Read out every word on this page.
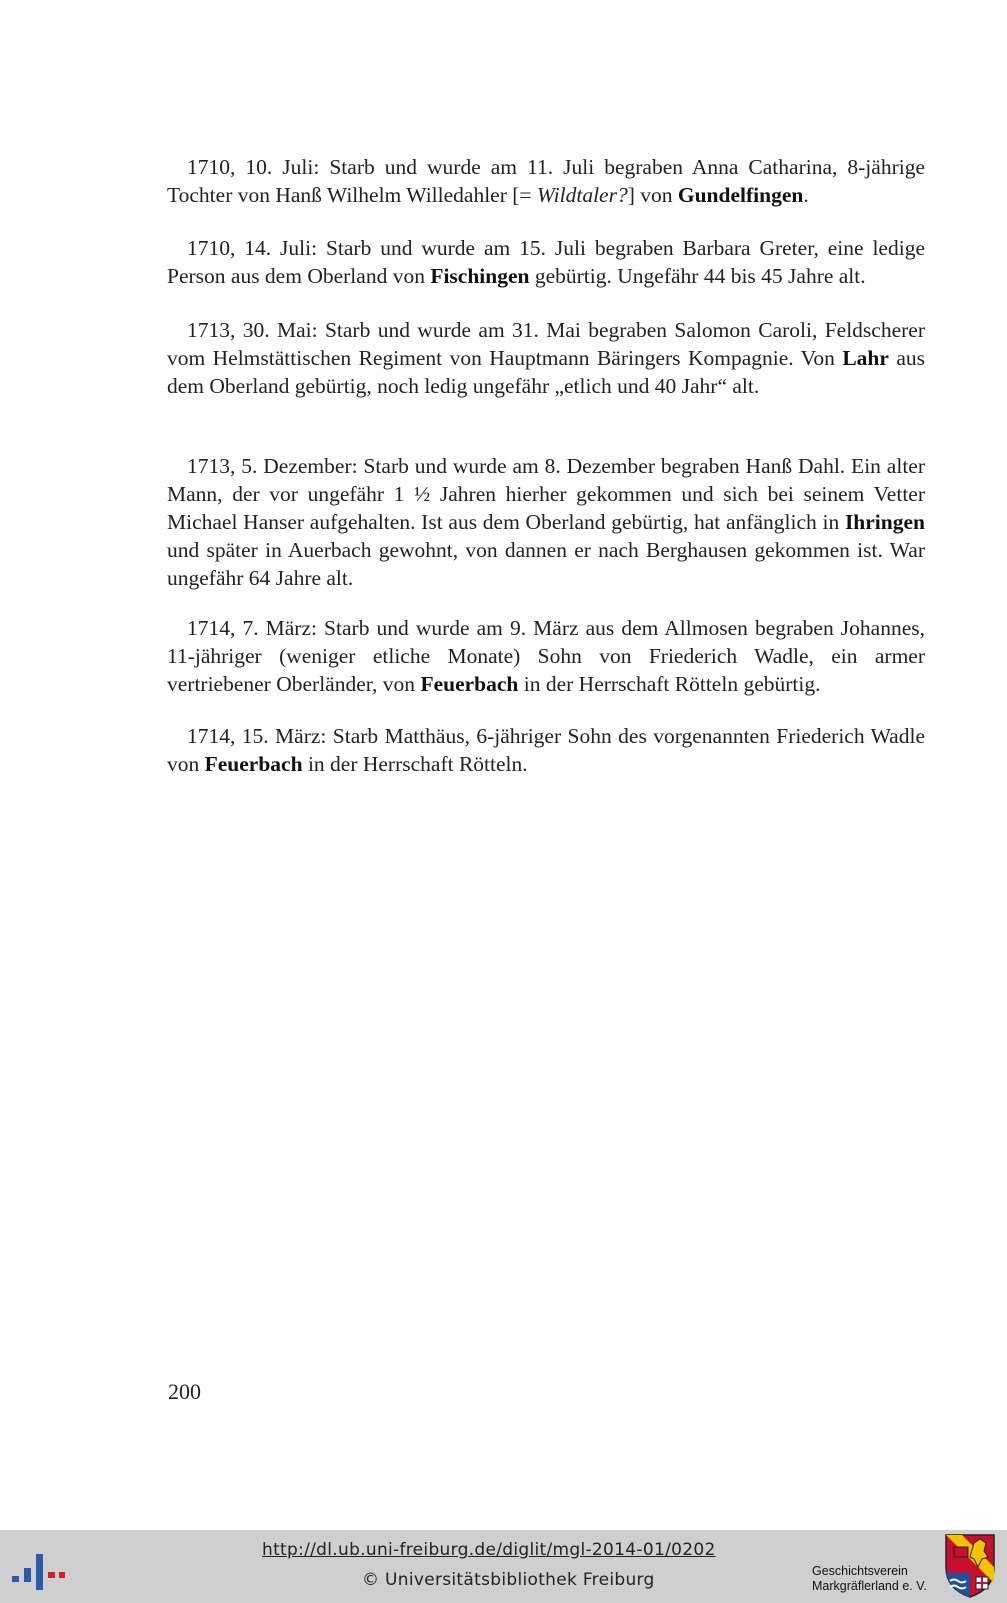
1710, 10. Juli: Starb und wurde am 11. Juli begraben Anna Catharina, 8-jährige Tochter von Hanß Wilhelm Willedahler [= Wildtaler?] von Gundelfingen.

1710, 14. Juli: Starb und wurde am 15. Juli begraben Barbara Greter, eine ledige Person aus dem Oberland von Fischingen gebürtig. Ungefähr 44 bis 45 Jahre alt.

1713, 30. Mai: Starb und wurde am 31. Mai begraben Salomon Caroli, Feldscherer vom Helmstättischen Regiment von Hauptmann Bäringers Kompagnie. Von Lahr aus dem Oberland gebürtig, noch ledig ungefähr „etlich und 40 Jahr“ alt.

1713, 5. Dezember: Starb und wurde am 8. Dezember begraben Hanß Dahl. Ein alter Mann, der vor ungefähr 1 ½ Jahren hierher gekommen und sich bei seinem Vetter Michael Hanser aufgehalten. Ist aus dem Oberland gebürtig, hat anfänglich in Ihringen und später in Auerbach gewohnt, von dannen er nach Berghausen gekommen ist. War ungefähr 64 Jahre alt.

1714, 7. März: Starb und wurde am 9. März aus dem Allmosen begraben Johannes, 11-jähriger (weniger etliche Monate) Sohn von Friederich Wadle, ein armer vertriebener Oberländer, von Feuerbach in der Herrschaft Rötteln gebürtig.

1714, 15. März: Starb Matthäus, 6-jähriger Sohn des vorgenannten Friederich Wadle von Feuerbach in der Herrschaft Rötteln.

200
http://dl.ub.uni-freiburg.de/diglit/mgl-2014-01/0202
© Universitätsbibliothek Freiburg	Geschichtsverein
Markgräflerland e. V.
